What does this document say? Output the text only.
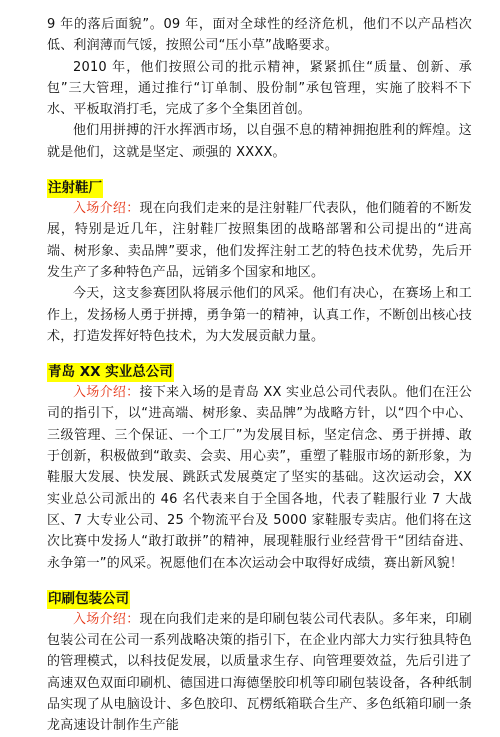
9 年的落后面貌”。09 年，面对全球性的经济危机，他们不以产品档次低、利润薄而气馁，按照公司“压小草”战略要求。

2010 年，他们按照公司的批示精神，紧紧抓住“质量、创新、承包”三大管理，通过推行“订单制、股份制”承包管理，实施了胶料不下水、平板取消打毛，完成了多个全集团首创。

他们用拼搏的汗水挥洒市场，以自强不息的精神拥抱胜利的辉煌。这就是他们，这就是坚定、顽强的 XXXX。

注射鞋厂

入场介绍：现在向我们走来的是注射鞋厂代表队，他们随着的不断发展，特别是近几年，注射鞋厂按照集团的战略部署和公司提出的“进高端、树形象、卖品牌”要求，他们发挥注射工艺的特色技术优势，先后开发生产了多种特色产品，远销多个国家和地区。

今天，这支参赛团队将展示他们的风采。他们有决心，在赛场上和工作上，发扬杨人勇于拼搏，勇争第一的精神，认真工作，不断创出核心技术，打造发挥好特色技术，为大发展贡献力量。

青岛 XX 实业总公司

入场介绍：接下来入场的是青岛 XX 实业总公司代表队。他们在汪公司的指引下，以“进高端、树形象、卖品牌”为战略方针，以“四个中心、三级管理、三个保证、一个工厂”为发展目标，坚定信念、勇于拼搏、敢于创新，积极做到“敢卖、会卖、用心卖”，重塑了鞋服市场的新形象，为鞋服大发展、快发展、跳跃式发展奠定了坚实的基础。这次运动会，XX 实业总公司派出的 46 名代表来自于全国各地，代表了鞋服行业 7 大战区、7 大专业公司、25 个物流平台及 5000 家鞋服专卖店。他们将在这次比赛中发扬人“敢打敢拼”的精神，展现鞋服行业经营骨干“团结奋进、永争第一”的风采。祝愿他们在本次运动会中取得好成绩，赛出新风貌！

印刷包装公司

入场介绍：现在向我们走来的是印刷包装公司代表队。多年来，印刷包装公司在公司一系列战略决策的指引下，在企业内部大力实行独具特色的管理模式，以科技促发展，以质量求生存、向管理要效益，先后引进了高速双色双面印刷机、德国进口海德堡胶印机等印刷包装设备，各种纸制品实现了从电脑设计、多色胶印、瓦楞纸箱联合生产、多色纸箱印刷一条龙高速设计制作生产能
